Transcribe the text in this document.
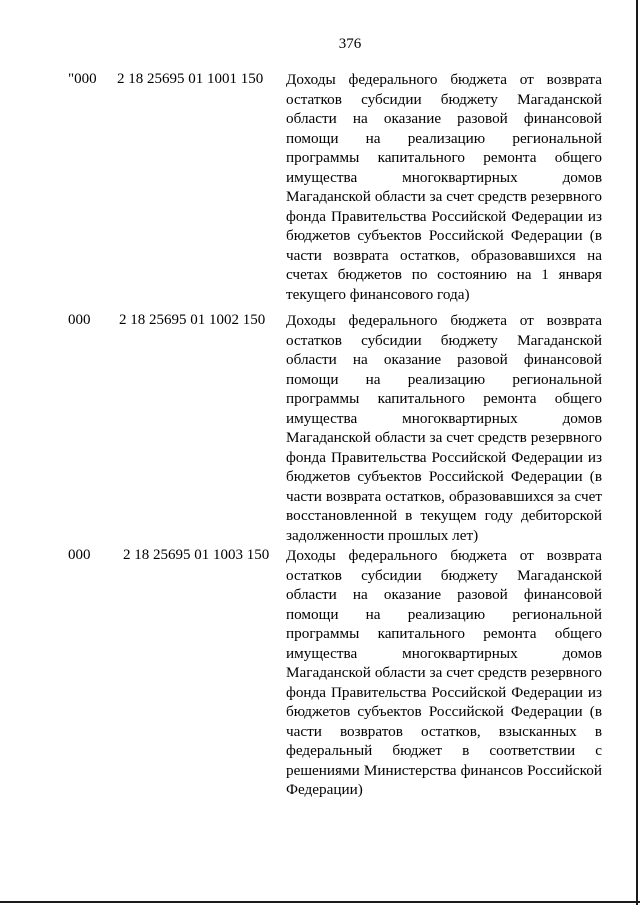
376
"000 2 18 25695 01 1001 150 Доходы федерального бюджета от возврата остатков субсидии бюджету Магаданской области на оказание разовой финансовой помощи на реализацию региональной программы капитального ремонта общего имущества многоквартирных домов Магаданской области за счет средств резервного фонда Правительства Российской Федерации из бюджетов субъектов Российской Федерации (в части возврата остатков, образовавшихся на счетах бюджетов по состоянию на 1 января текущего финансового года)
000 2 18 25695 01 1002 150 Доходы федерального бюджета от возврата остатков субсидии бюджету Магаданской области на оказание разовой финансовой помощи на реализацию региональной программы капитального ремонта общего имущества многоквартирных домов Магаданской области за счет средств резервного фонда Правительства Российской Федерации из бюджетов субъектов Российской Федерации (в части возврата остатков, образовавшихся за счет восстановленной в текущем году дебиторской задолженности прошлых лет)
000 2 18 25695 01 1003 150 Доходы федерального бюджета от возврата остатков субсидии бюджету Магаданской области на оказание разовой финансовой помощи на реализацию региональной программы капитального ремонта общего имущества многоквартирных домов Магаданской области за счет средств резервного фонда Правительства Российской Федерации из бюджетов субъектов Российской Федерации (в части возвратов остатков, взысканных в федеральный бюджет в соответствии с решениями Министерства финансов Российской Федерации)
